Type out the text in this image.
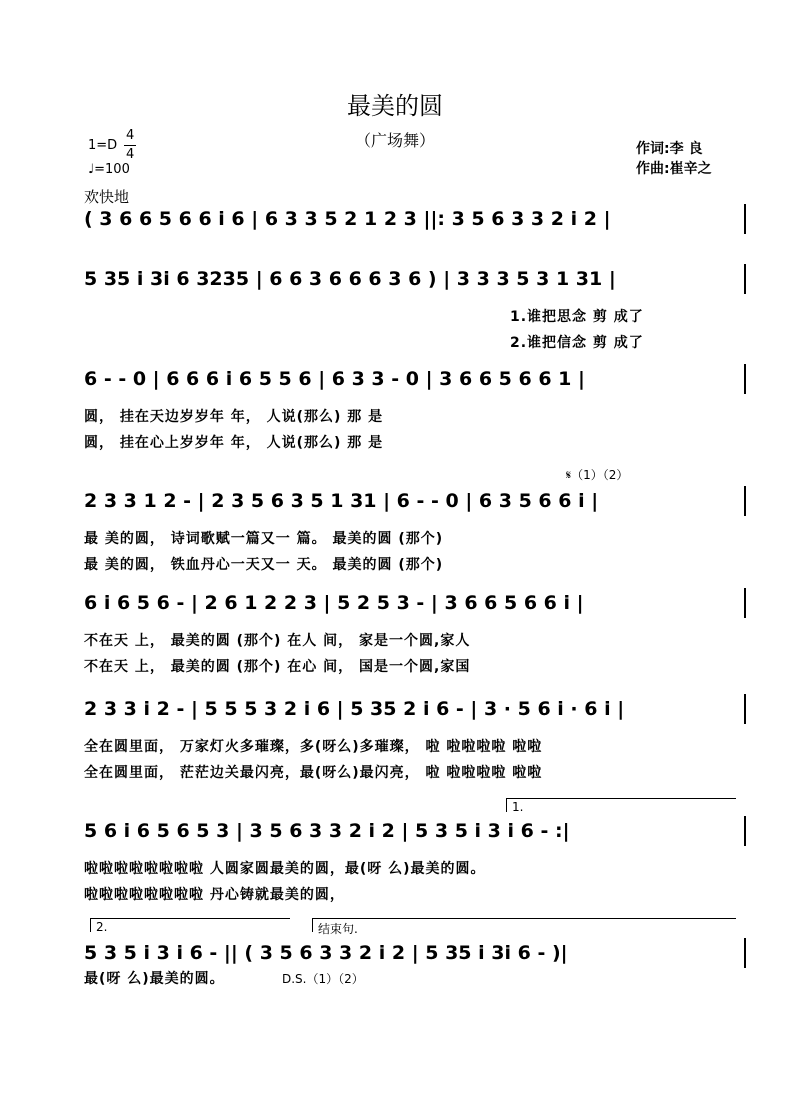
最美的圆
（广场舞）	作词:李 良
作曲:崔辛之
1=D
4
4
♩=100
欢快地
( 3 6 6 5 6 6 i 6 | 6 3 3 5 2 1 2 3 ||: 3 5 6 3 3 2 i 2 |
5 35 i 3i 6 3235 | 6 6 3 6 6 6 3 6 ) | 3 3 3 5 3 1 31 |
1.谁把思念 剪 成了
2.谁把信念 剪 成了
6 - - 0 | 6 6 6 i 6 5 5 6 | 6 3 3 - 0 | 3 6 6 5 6 6 1 |
圆， 挂在天边岁岁年 年， 人说(那么) 那 是
圆， 挂在心上岁岁年 年， 人说(那么) 那 是
𝄋（1）（2）
2 3 3 1 2 - | 2 3 5 6 3 5 1 31 | 6 - - 0 | 6 3 5 6 6 i |
最 美的圆， 诗词歌赋一篇又一 篇。 最美的圆 (那个)
最 美的圆， 铁血丹心一天又一 天。 最美的圆 (那个)
6 i 6 5 6 - | 2 6 1 2 2 3 | 5 2 5 3 - | 3 6 6 5 6 6 i |
不在天 上， 最美的圆 (那个) 在人 间， 家是一个圆,家人
不在天 上， 最美的圆 (那个) 在心 间， 国是一个圆,家国
2 3 3 i 2 - | 5 5 5 3 2 i 6 | 5 35 2 i 6 - | 3 · 5 6 i · 6 i |
全在圆里面， 万家灯火多璀璨，多(呀么)多璀璨， 啦 啦啦啦啦 啦啦
全在圆里面， 茫茫边关最闪亮，最(呀么)最闪亮， 啦 啦啦啦啦 啦啦
1.
5 6 i 6 5 6 5 3 | 3 5 6 3 3 2 i 2 | 5 3 5 i 3 i 6 - :|
啦啦啦啦啦啦啦啦 人圆家圆最美的圆，最(呀 么)最美的圆。
啦啦啦啦啦啦啦啦 丹心铸就最美的圆，
2.	结束句.
5 3 5 i 3 i 6 - || ( 3 5 6 3 3 2 i 2 | 5 35 i 3i 6 - )|
最(呀 么)最美的圆。	D.S.（1）（2）
